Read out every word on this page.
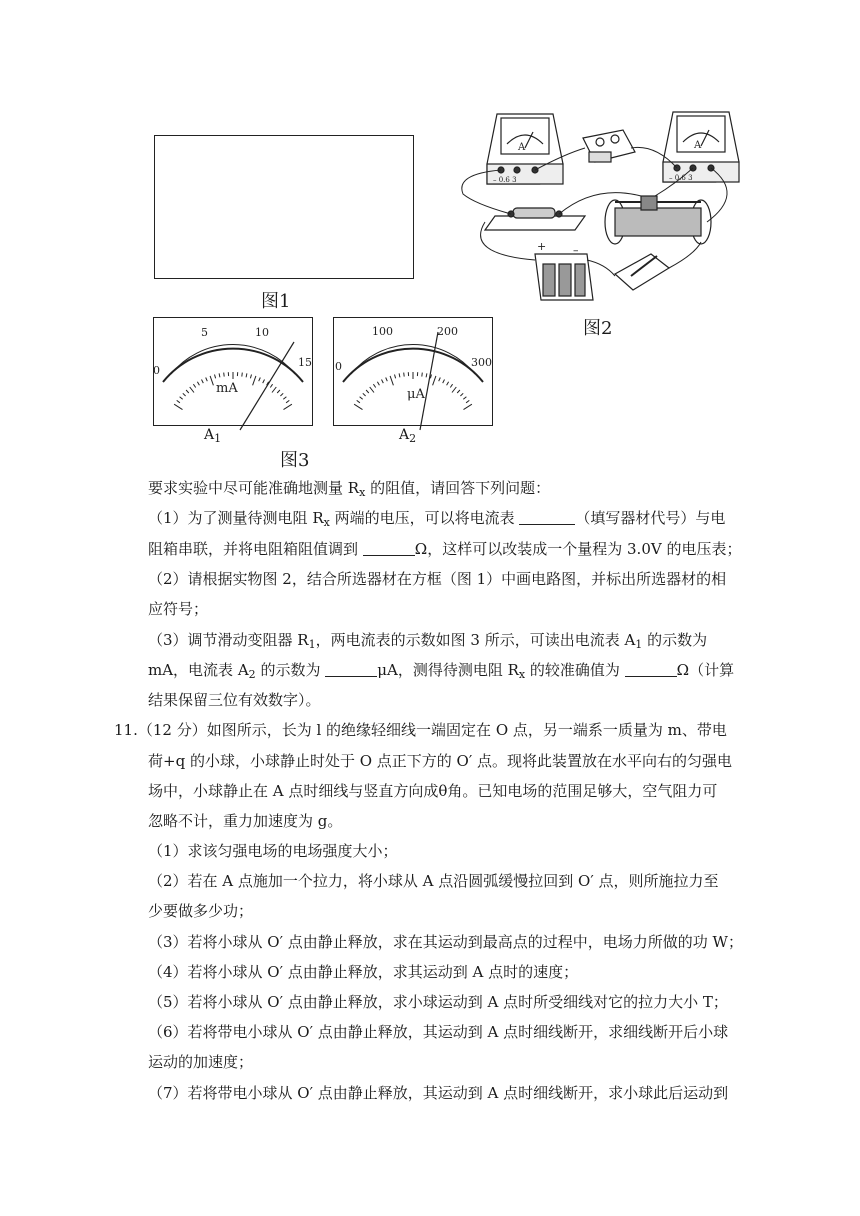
图1
A
– 0.6 3
A
– 0.6 3
+ –
图2
0
5	10
15
mA
$A_1$
0
100	200
300
μA
$A_2$
图3
要求实验中尽可能准确地测量 $R_x$ 的阻值，请回答下列问题：
（1）为了测量待测电阻 $R_x$ 两端的电压，可以将电流表	（填写器材代号）与电
阻箱串联，并将电阻箱阻值调到	Ω，这样可以改装成一个量程为 3.0V 的电压表；
（2）请根据实物图 2，结合所选器材在方框（图 1）中画电路图，并标出所选器材的相
应符号；
（3）调节滑动变阻器 $R_1$，两电流表的示数如图 3 所示，可读出电流表 $A_1$ 的示数为
mA，电流表 $A_2$ 的示数为	μA，测得待测电阻 $R_x$ 的较准确值为	Ω（计算
结果保留三位有效数字）。
11.（12 分）如图所示，长为 l 的绝缘轻细线一端固定在 O 点，另一端系一质量为 m、带电
荷+q 的小球，小球静止时处于 O 点正下方的 O′ 点。现将此装置放在水平向右的匀强电
场中，小球静止在 A 点时细线与竖直方向成θ角。已知电场的范围足够大，空气阻力可
忽略不计，重力加速度为 g。
（1）求该匀强电场的电场强度大小；
（2）若在 A 点施加一个拉力，将小球从 A 点沿圆弧缓慢拉回到 O′ 点，则所施拉力至
少要做多少功；
（3）若将小球从 O′ 点由静止释放，求在其运动到最高点的过程中，电场力所做的功 W；
（4）若将小球从 O′ 点由静止释放，求其运动到 A 点时的速度；
（5）若将小球从 O′ 点由静止释放，求小球运动到 A 点时所受细线对它的拉力大小 T；
（6）若将带电小球从 O′ 点由静止释放，其运动到 A 点时细线断开，求细线断开后小球
运动的加速度；
（7）若将带电小球从 O′ 点由静止释放，其运动到 A 点时细线断开，求小球此后运动到
